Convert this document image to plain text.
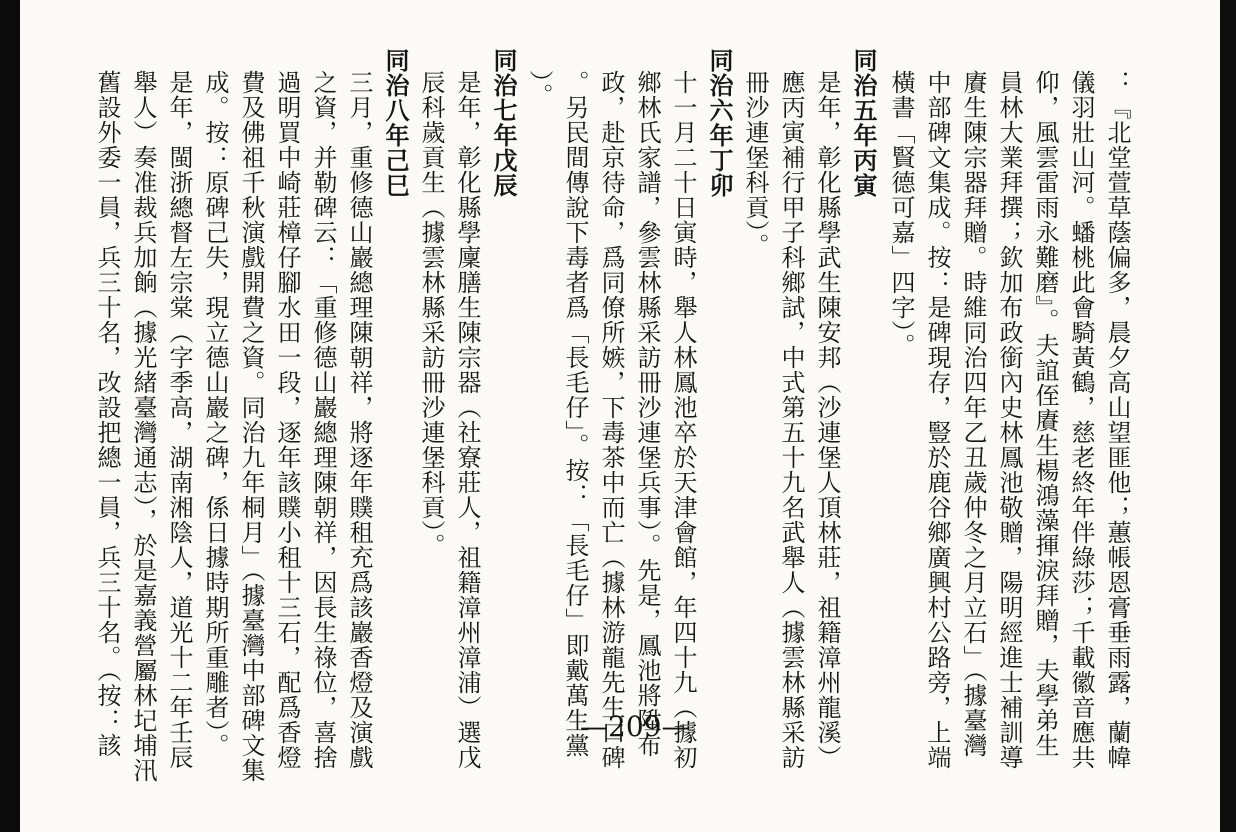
：『北堂萱草蔭偏多，晨夕高山望匪他；蕙帳恩膏垂雨露，蘭幃
儀羽壯山河。蟠桃此會騎黃鶴，慈老終年伴綠莎；千載徽音應共
仰，風雲雷雨永難磨』。夫誼侄賡生楊鴻藻揮淚拜贈，夫學弟生
員林大業拜撰；欽加布政銜內史林鳳池敬贈，陽明經進士補訓導
賡生陳宗器拜贈。時維同治四年乙丑歲仲冬之月立石」（據臺灣
中部碑文集成。按：是碑現存，豎於鹿谷鄉廣興村公路旁，上端
橫書「賢德可嘉」四字）。
同治五年丙寅
是年，彰化縣學武生陳安邦（沙連堡人頂林莊，祖籍漳州龍溪）
應丙寅補行甲子科鄉試，中式第五十九名武舉人（據雲林縣采訪
冊沙連堡科貢）。
同治六年丁卯
十一月二十日寅時，舉人林鳳池卒於天津會館，年四十九（據初
鄉林氏家譜，參雲林縣采訪冊沙連堡兵事）。先是，鳳池將陞布
政，赴京待命，爲同僚所嫉，下毒茶中而亡（據林游龍先生口碑
。另民間傳說下毒者爲「長毛仔」。按：「長毛仔」即戴萬生黨
）。
同治七年戊辰
是年，彰化縣學廩膳生陳宗器（社寮莊人，祖籍漳州漳浦）選戊
辰科歲貢生（據雲林縣采訪冊沙連堡科貢）。
同治八年己巳
三月，重修德山巖總理陳朝祥，將逐年贌租充爲該巖香燈及演戲
之資，并勒碑云：「重修德山巖總理陳朝祥，因長生祿位，喜捨
過明買中崎莊樟仔腳水田一段，逐年該贌小租十三石，配爲香燈
費及佛祖千秋演戲開費之資。同治九年桐月」（據臺灣中部碑文集
成。按：原碑己失，現立德山巖之碑，係日據時期所重雕者）。
是年，閩浙總督左宗棠（字季高，湖南湘陰人，道光十二年壬辰
舉人）奏准裁兵加餉（據光緒臺灣通志），於是嘉義營屬林圮埔汛
舊設外委一員，兵三十名，改設把總一員，兵三十名。（按：該	—209—
